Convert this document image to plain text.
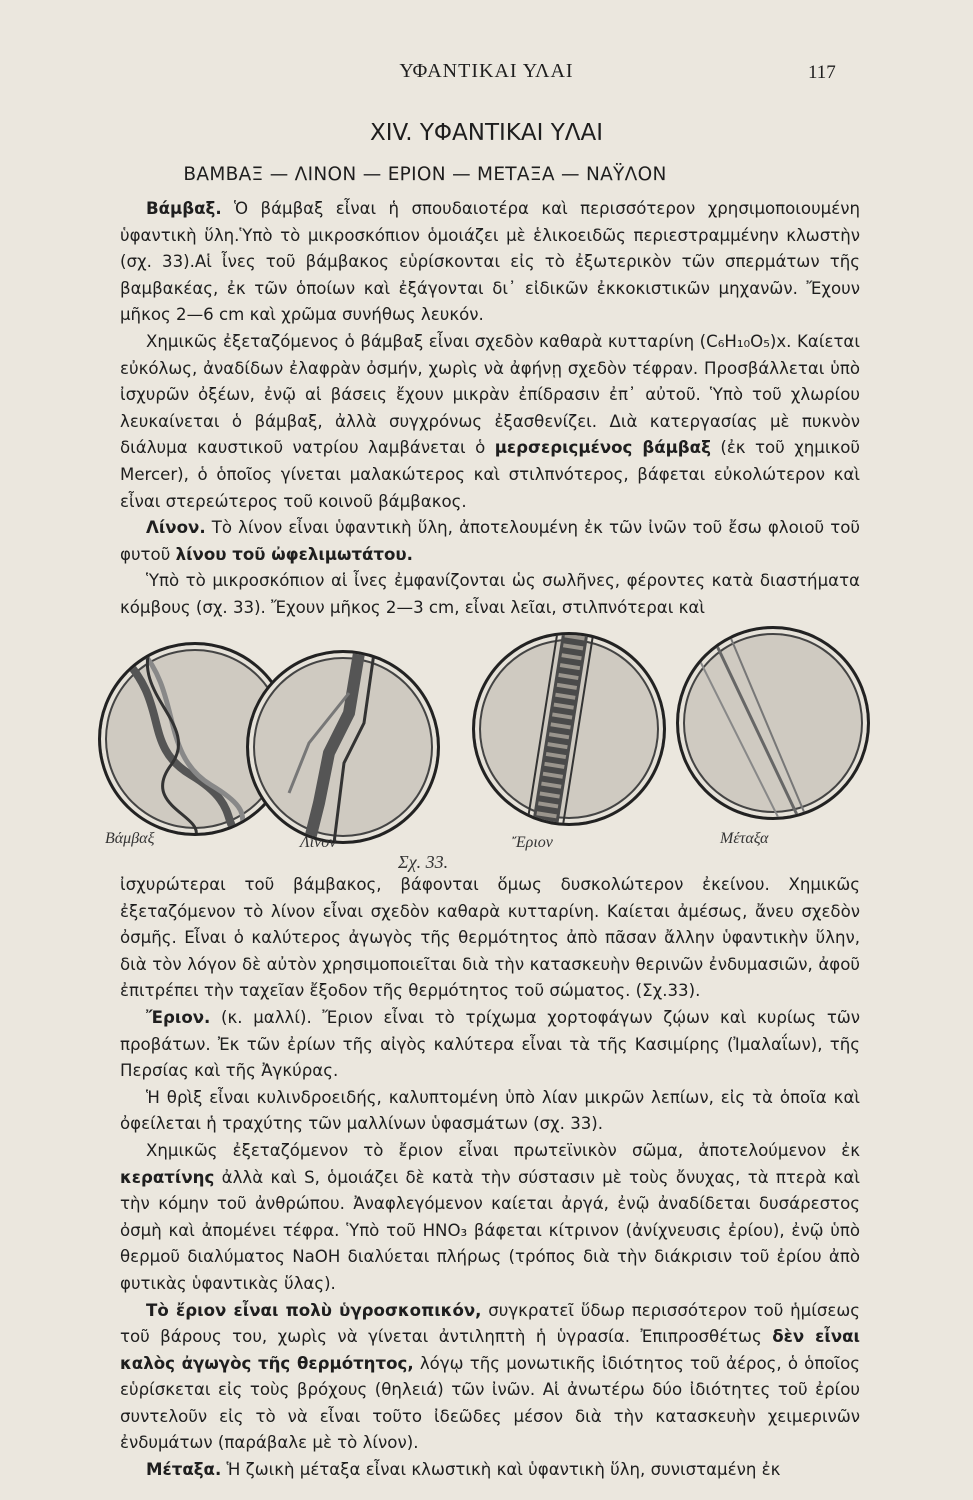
ΥΦΑΝΤΙΚΑΙ ΥΛΑΙ	117
XIV. ΥΦΑΝΤΙΚΑΙ ΥΛΑΙ
ΒΑΜΒΑΞ — ΛΙΝΟΝ — ΕΡΙΟΝ — ΜΕΤΑΞΑ — ΝΑΫΛΟΝ

Βάμβαξ. Ὁ βάμβαξ εἶναι ἡ σπουδαιοτέρα καὶ περισσότερον χρησιμοποιουμένη ὑφαντικὴ ὕλη.Ὑπὸ τὸ μικροσκόπιον ὁμοιάζει μὲ ἑλικοειδῶς περιεστραμμένην κλωστὴν (σχ. 33).Αἱ ἶνες τοῦ βάμβακος εὑρίσκονται εἰς τὸ ἐξωτερικὸν τῶν σπερμάτων τῆς βαμβακέας, ἐκ τῶν ὁποίων καὶ ἐξάγονται δι᾽ εἰδικῶν ἐκκοκιστικῶν μηχανῶν. Ἔχουν μῆκος 2—6 cm καὶ χρῶμα συνήθως λευκόν.

Χημικῶς ἐξεταζόμενος ὁ βάμβαξ εἶναι σχεδὸν καθαρὰ κυτταρίνη (C₆H₁₀O₅)x. Καίεται εὐκόλως, ἀναδίδων ἐλαφρὰν ὀσμήν, χωρὶς νὰ ἀφήνῃ σχεδὸν τέφραν. Προσβάλλεται ὑπὸ ἰσχυρῶν ὀξέων, ἐνῷ αἱ βάσεις ἔχουν μικρὰν ἐπίδρασιν ἐπ᾽ αὐτοῦ. Ὑπὸ τοῦ χλωρίου λευκαίνεται ὁ βάμβαξ, ἀλλὰ συγχρόνως ἐξασθενίζει. Διὰ κατεργασίας μὲ πυκνὸν διάλυμα καυστικοῦ νατρίου λαμβάνεται ὁ μερσεριςμένος βάμβαξ (ἐκ τοῦ χημικοῦ Mercer), ὁ ὁποῖος γίνεται μαλακώτερος καὶ στιλπνότερος, βάφεται εὐκολώτερον καὶ εἶναι στερεώτερος τοῦ κοινοῦ βάμβακος.

Λίνον. Τὸ λίνον εἶναι ὑφαντικὴ ὕλη, ἀποτελουμένη ἐκ τῶν ἰνῶν τοῦ ἔσω φλοιοῦ τοῦ φυτοῦ λίνου τοῦ ὠφελιμωτάτου.

Ὑπὸ τὸ μικροσκόπιον αἱ ἶνες ἐμφανίζονται ὡς σωλῆνες, φέροντες κατὰ διαστήματα κόμβους (σχ. 33). Ἔχουν μῆκος 2—3 cm, εἶναι λεῖαι, στιλπνότεραι καὶ

Βάμβαξ	Λίνον	Ἔριον	Μέταξα
Σχ. 33.

ἰσχυρώτεραι τοῦ βάμβακος, βάφονται ὅμως δυσκολώτερον ἐκείνου. Χημικῶς ἐξεταζόμενον τὸ λίνον εἶναι σχεδὸν καθαρὰ κυτταρίνη. Καίεται ἀμέσως, ἄνευ σχεδὸν ὀσμῆς. Εἶναι ὁ καλύτερος ἀγωγὸς τῆς θερμότητος ἀπὸ πᾶσαν ἄλλην ὑφαντικὴν ὕλην, διὰ τὸν λόγον δὲ αὐτὸν χρησιμοποιεῖται διὰ τὴν κατασκευὴν θερινῶν ἐνδυμασιῶν, ἀφοῦ ἐπιτρέπει τὴν ταχεῖαν ἔξοδον τῆς θερμότητος τοῦ σώματος. (Σχ.33).

Ἔριον. (κ. μαλλί). Ἔριον εἶναι τὸ τρίχωμα χορτοφάγων ζῴων καὶ κυρίως τῶν προβάτων. Ἐκ τῶν ἐρίων τῆς αἰγὸς καλύτερα εἶναι τὰ τῆς Κασιμίρης (Ἰμαλαΐων), τῆς Περσίας καὶ τῆς Ἀγκύρας.

Ἡ θρὶξ εἶναι κυλινδροειδής, καλυπτομένη ὑπὸ λίαν μικρῶν λεπίων, εἰς τὰ ὁποῖα καὶ ὀφείλεται ἡ τραχύτης τῶν μαλλίνων ὑφασμάτων (σχ. 33).

Χημικῶς ἐξεταζόμενον τὸ ἔριον εἶναι πρωτεϊνικὸν σῶμα, ἀποτελούμενον ἐκ κερατίνης ἀλλὰ καὶ S, ὁμοιάζει δὲ κατὰ τὴν σύστασιν μὲ τοὺς ὄνυχας, τὰ πτερὰ καὶ τὴν κόμην τοῦ ἀνθρώπου. Ἀναφλεγόμενον καίεται ἀργά, ἐνῷ ἀναδίδεται δυσάρεστος ὀσμὴ καὶ ἀπομένει τέφρα. Ὑπὸ τοῦ HNO₃ βάφεται κίτρινον (ἀνίχνευσις ἐρίου), ἐνῷ ὑπὸ θερμοῦ διαλύματος NaOH διαλύεται πλήρως (τρόπος διὰ τὴν διάκρισιν τοῦ ἐρίου ἀπὸ φυτικὰς ὑφαντικὰς ὕλας).

Τὸ ἔριον εἶναι πολὺ ὑγροσκοπικόν, συγκρατεῖ ὕδωρ περισσότερον τοῦ ἡμίσεως τοῦ βάρους του, χωρὶς νὰ γίνεται ἀντιληπτὴ ἡ ὑγρασία. Ἐπιπροσθέτως δὲν εἶναι καλὸς ἀγωγὸς τῆς θερμότητος, λόγῳ τῆς μονωτικῆς ἰδιότητος τοῦ ἀέρος, ὁ ὁποῖος εὑρίσκεται εἰς τοὺς βρόχους (θηλειά) τῶν ἰνῶν. Αἱ ἀνωτέρω δύο ἰδιότητες τοῦ ἐρίου συντελοῦν εἰς τὸ νὰ εἶναι τοῦτο ἰδεῶδες μέσον διὰ τὴν κατασκευὴν χειμερινῶν ἐνδυμάτων (παράβαλε μὲ τὸ λίνον).

Μέταξα. Ἡ ζωικὴ μέταξα εἶναι κλωστικὴ καὶ ὑφαντικὴ ὕλη, συνισταμένη ἐκ
